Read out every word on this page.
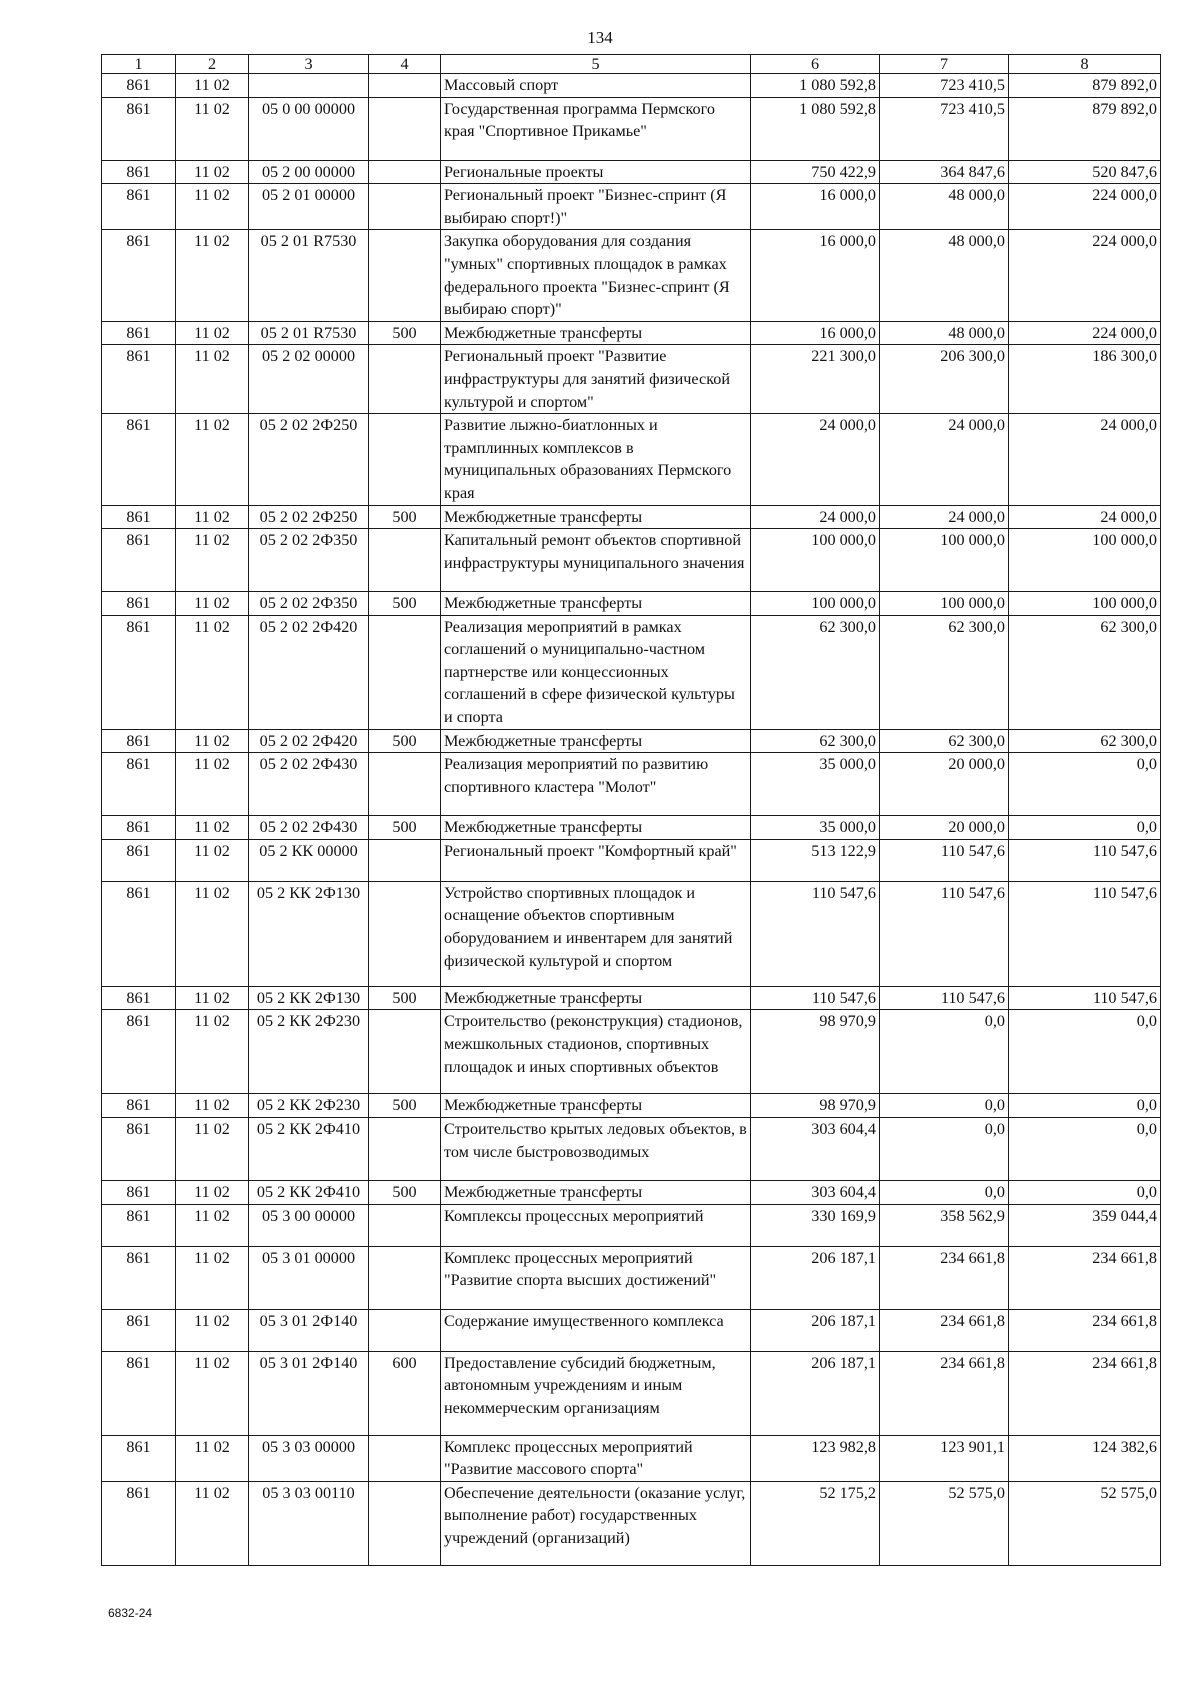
134
1	2	3	4	5	6	7	8
861	11 02			Массовый спорт	1 080 592,8	723 410,5	879 892,0
861	11 02	05 0 00 00000		Государственная программа Пермского края "Спортивное Прикамье"	1 080 592,8	723 410,5	879 892,0
861	11 02	05 2 00 00000		Региональные проекты	750 422,9	364 847,6	520 847,6
861	11 02	05 2 01 00000		Региональный проект "Бизнес-спринт (Я выбираю спорт!)"	16 000,0	48 000,0	224 000,0
861	11 02	05 2 01 R7530		Закупка оборудования для создания "умных" спортивных площадок в рамках федерального проекта "Бизнес-спринт (Я выбираю спорт)"	16 000,0	48 000,0	224 000,0
861	11 02	05 2 01 R7530	500	Межбюджетные трансферты	16 000,0	48 000,0	224 000,0
861	11 02	05 2 02 00000		Региональный проект "Развитие инфраструктуры для занятий физической культурой и спортом"	221 300,0	206 300,0	186 300,0
861	11 02	05 2 02 2Ф250		Развитие лыжно-биатлонных и трамплинных комплексов в муниципальных образованиях Пермского края	24 000,0	24 000,0	24 000,0
861	11 02	05 2 02 2Ф250	500	Межбюджетные трансферты	24 000,0	24 000,0	24 000,0
861	11 02	05 2 02 2Ф350		Капитальный ремонт объектов спортивной инфраструктуры муниципального значения	100 000,0	100 000,0	100 000,0
861	11 02	05 2 02 2Ф350	500	Межбюджетные трансферты	100 000,0	100 000,0	100 000,0
861	11 02	05 2 02 2Ф420		Реализация мероприятий в рамках соглашений о муниципально-частном партнерстве или концессионных соглашений в сфере физической культуры и спорта	62 300,0	62 300,0	62 300,0
861	11 02	05 2 02 2Ф420	500	Межбюджетные трансферты	62 300,0	62 300,0	62 300,0
861	11 02	05 2 02 2Ф430		Реализация мероприятий по развитию спортивного кластера "Молот"	35 000,0	20 000,0	0,0
861	11 02	05 2 02 2Ф430	500	Межбюджетные трансферты	35 000,0	20 000,0	0,0
861	11 02	05 2 КК 00000		Региональный проект "Комфортный край"	513 122,9	110 547,6	110 547,6
861	11 02	05 2 КК 2Ф130		Устройство спортивных площадок и оснащение объектов спортивным оборудованием и инвентарем для занятий физической культурой и спортом	110 547,6	110 547,6	110 547,6
861	11 02	05 2 КК 2Ф130	500	Межбюджетные трансферты	110 547,6	110 547,6	110 547,6
861	11 02	05 2 КК 2Ф230		Строительство (реконструкция) стадионов, межшкольных стадионов, спортивных площадок и иных спортивных объектов	98 970,9	0,0	0,0
861	11 02	05 2 КК 2Ф230	500	Межбюджетные трансферты	98 970,9	0,0	0,0
861	11 02	05 2 КК 2Ф410		Строительство крытых ледовых объектов, в том числе быстровозводимых	303 604,4	0,0	0,0
861	11 02	05 2 КК 2Ф410	500	Межбюджетные трансферты	303 604,4	0,0	0,0
861	11 02	05 3 00 00000		Комплексы процессных мероприятий	330 169,9	358 562,9	359 044,4
861	11 02	05 3 01 00000		Комплекс процессных мероприятий "Развитие спорта высших достижений"	206 187,1	234 661,8	234 661,8
861	11 02	05 3 01 2Ф140		Содержание имущественного комплекса	206 187,1	234 661,8	234 661,8
861	11 02	05 3 01 2Ф140	600	Предоставление субсидий бюджетным, автономным учреждениям и иным некоммерческим организациям	206 187,1	234 661,8	234 661,8
861	11 02	05 3 03 00000		Комплекс процессных мероприятий "Развитие массового спорта"	123 982,8	123 901,1	124 382,6
861	11 02	05 3 03 00110		Обеспечение деятельности (оказание услуг, выполнение работ) государственных учреждений (организаций)	52 175,2	52 575,0	52 575,0
6832-24
